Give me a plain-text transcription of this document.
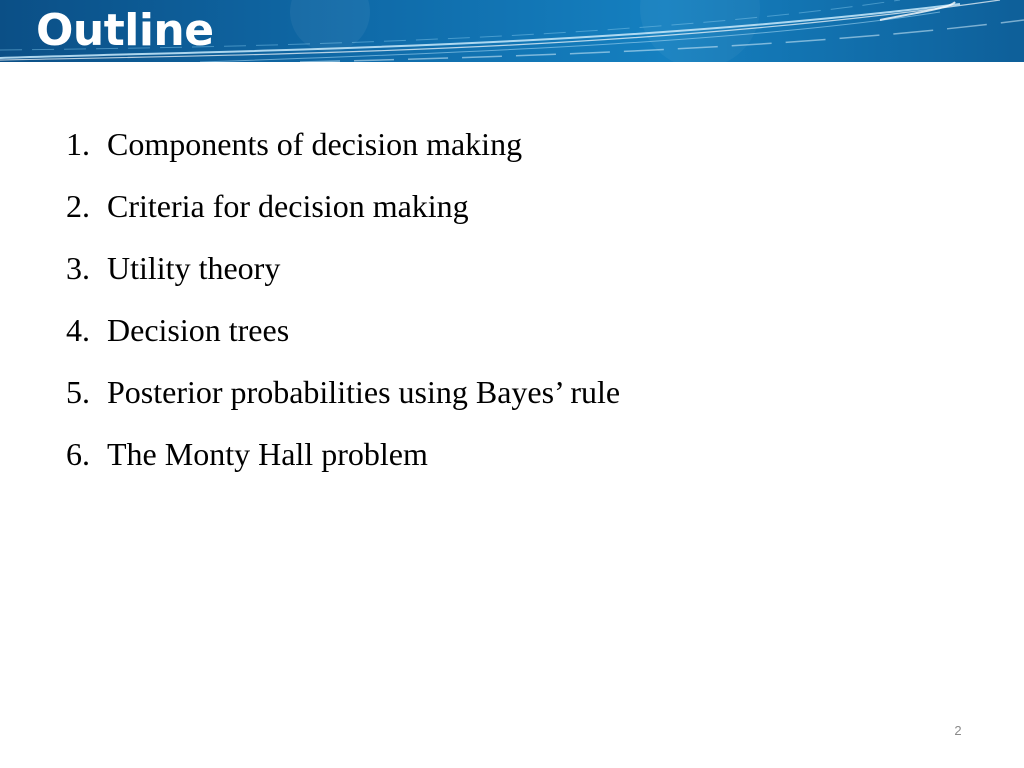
Outline
1. Components of decision making
2. Criteria for decision making
3. Utility theory
4. Decision trees
5. Posterior probabilities using Bayes’ rule
6. The Monty Hall problem
2
